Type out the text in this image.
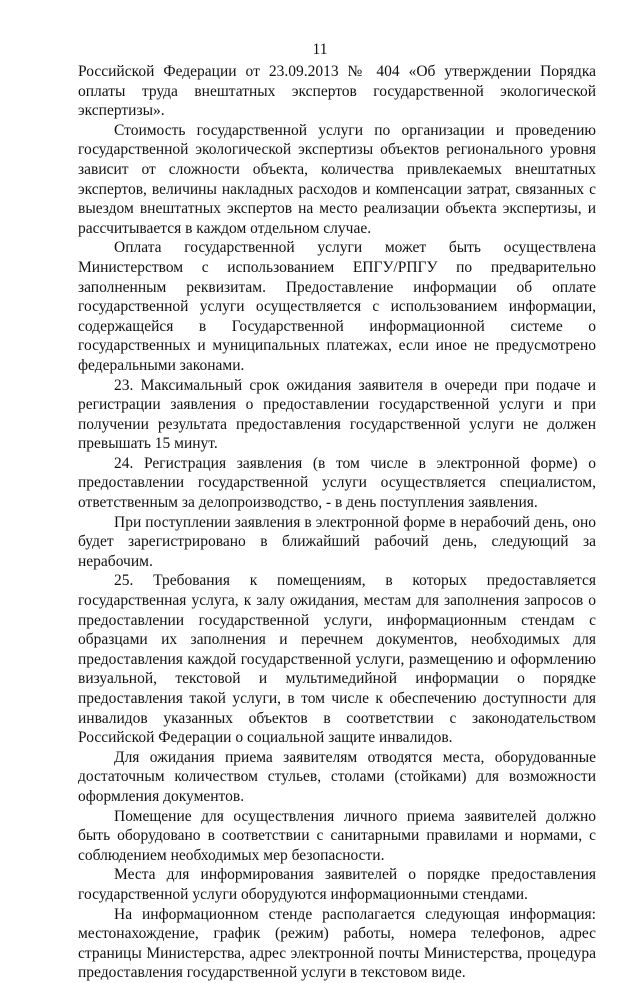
11

Российской Федерации от 23.09.2013 № 404 «Об утверждении Порядка оплаты труда внештатных экспертов государственной экологической экспертизы».

Стоимость государственной услуги по организации и проведению государственной экологической экспертизы объектов регионального уровня зависит от сложности объекта, количества привлекаемых внештатных экспертов, величины накладных расходов и компенсации затрат, связанных с выездом внештатных экспертов на место реализации объекта экспертизы, и рассчитывается в каждом отдельном случае.

Оплата государственной услуги может быть осуществлена Министерством с использованием ЕПГУ/РПГУ по предварительно заполненным реквизитам. Предоставление информации об оплате государственной услуги осуществляется с использованием информации, содержащейся в Государственной информационной системе о государственных и муниципальных платежах, если иное не предусмотрено федеральными законами.

23. Максимальный срок ожидания заявителя в очереди при подаче и регистрации заявления о предоставлении государственной услуги и при получении результата предоставления государственной услуги не должен превышать 15 минут.

24. Регистрация заявления (в том числе в электронной форме) о предоставлении государственной услуги осуществляется специалистом, ответственным за делопроизводство, - в день поступления заявления.

При поступлении заявления в электронной форме в нерабочий день, оно будет зарегистрировано в ближайший рабочий день, следующий за нерабочим.

25. Требования к помещениям, в которых предоставляется государственная услуга, к залу ожидания, местам для заполнения запросов о предоставлении государственной услуги, информационным стендам с образцами их заполнения и перечнем документов, необходимых для предоставления каждой государственной услуги, размещению и оформлению визуальной, текстовой и мультимедийной информации о порядке предоставления такой услуги, в том числе к обеспечению доступности для инвалидов указанных объектов в соответствии с законодательством Российской Федерации о социальной защите инвалидов.

Для ожидания приема заявителям отводятся места, оборудованные достаточным количеством стульев, столами (стойками) для возможности оформления документов.

Помещение для осуществления личного приема заявителей должно быть оборудовано в соответствии с санитарными правилами и нормами, с соблюдением необходимых мер безопасности.

Места для информирования заявителей о порядке предоставления государственной услуги оборудуются информационными стендами.

На информационном стенде располагается следующая информация: местонахождение, график (режим) работы, номера телефонов, адрес страницы Министерства, адрес электронной почты Министерства, процедура предоставления государственной услуги в текстовом виде.
